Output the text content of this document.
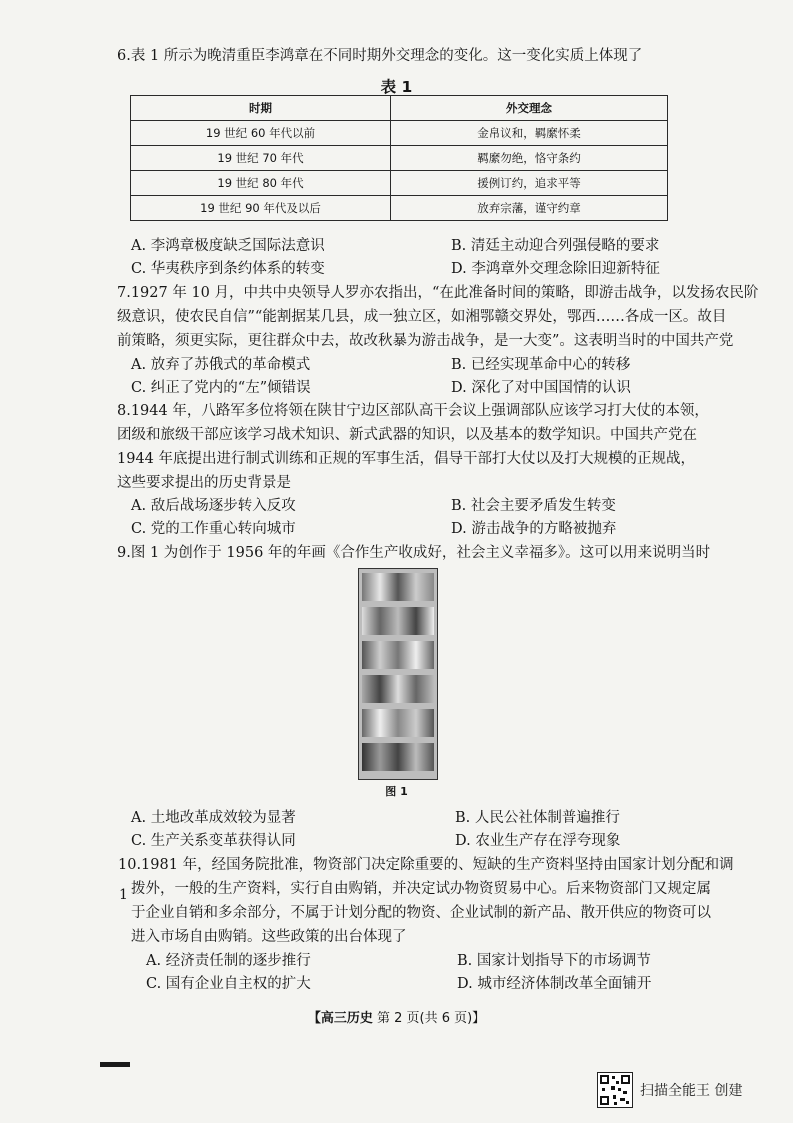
6.表 1 所示为晚清重臣李鸿章在不同时期外交理念的变化。这一变化实质上体现了
表 1
时期	外交理念
19 世纪 60 年代以前	金帛议和，羁縻怀柔
19 世纪 70 年代	羁縻勿绝，恪守条约
19 世纪 80 年代	援例订约，追求平等
19 世纪 90 年代及以后	放弃宗藩，谨守约章
A. 李鸿章极度缺乏国际法意识	B. 清廷主动迎合列强侵略的要求
C. 华夷秩序到条约体系的转变	D. 李鸿章外交理念除旧迎新特征
7.1927 年 10 月，中共中央领导人罗亦农指出，“在此准备时间的策略，即游击战争，以发扬农民阶
级意识，使农民自信”“能割据某几县，成一独立区，如湘鄂赣交界处，鄂西……各成一区。故目
前策略，须更实际，更往群众中去，故改秋暴为游击战争，是一大变”。这表明当时的中国共产党
A. 放弃了苏俄式的革命模式	B. 已经实现革命中心的转移
C. 纠正了党内的“左”倾错误	D. 深化了对中国国情的认识
8.1944 年，八路军多位将领在陕甘宁边区部队高干会议上强调部队应该学习打大仗的本领，
团级和旅级干部应该学习战术知识、新式武器的知识，以及基本的数学知识。中国共产党在
1944 年底提出进行制式训练和正规的军事生活，倡导干部打大仗以及打大规模的正规战，
这些要求提出的历史背景是
A. 敌后战场逐步转入反攻	B. 社会主要矛盾发生转变
C. 党的工作重心转向城市	D. 游击战争的方略被抛弃
9.图 1 为创作于 1956 年的年画《合作生产收成好，社会主义幸福多》。这可以用来说明当时
图 1
A. 土地改革成效较为显著	B. 人民公社体制普遍推行
C. 生产关系变革获得认同	D. 农业生产存在浮夸现象
10.1981 年，经国务院批准，物资部门决定除重要的、短缺的生产资料坚持由国家计划分配和调
1 拨外，一般的生产资料，实行自由购销，并决定试办物资贸易中心。后来物资部门又规定属
于企业自销和多余部分，不属于计划分配的物资、企业试制的新产品、散开供应的物资可以
进入市场自由购销。这些政策的出台体现了
A. 经济责任制的逐步推行	B. 国家计划指导下的市场调节
C. 国有企业自主权的扩大	D. 城市经济体制改革全面铺开
【高三历史 第 2 页(共 6 页)】
扫描全能王 创建
